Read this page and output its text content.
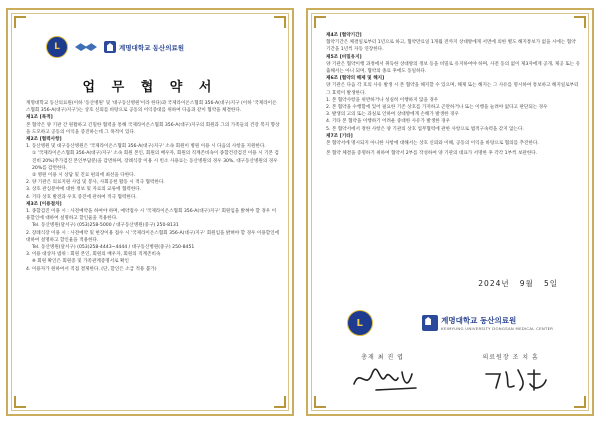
L	계명대학교 동산의료원
업 무 협 약 서

계명대학교 동산의료원(이하 '동산병원' 및 '대구동산병원'이라 한다)과 국제라이온스협회 356-A(대구)지구 (이하 '국제라이온스협회 356-A(대구)지구')는 상호 신뢰를 바탕으로 공동의 이익증대를 위하여 다음과 같이 협약을 체결한다.

제1조 [목적]

본 협약은 양 기관 간 원활하고 긴밀한 협력을 통해 국제라이온스협회 356-A(대구)지구의 회원과 그의 가족들의 건강 복지 향상을 도모하고 공동의 이익을 증진하는데 그 목적이 있다.

제2조 [협력사항]

1. 동산병원 및 대구동산병원은 '국제라이온스협회 356-A(대구)지구' 소속 회원이 병원 이용 시 다음의 사항을 지원한다.

① '국제라이온스협회 356-A(대구)지구' 소속 회원 본인, 회원의 배우자, 회원의 직계존비속이 종합건강검진 이용 시 기본 검진비 20%(추가검진 본인부담분)을 감면하며, 장례식장 이용 시 빈소 사용료는 동산병원의 경우 30%, 대구동산병원의 경우 20%를 감면한다.

② 병원 이용 시 상담 및 진료 편의에 최선을 다한다.

2. 양 기관은 의료지원 사업 및 봉사, 사회공헌 활동 시 적극 협력한다.

3. 상호 관심분야에 대한 정보 및 자료의 교류에 협력한다.

4. 기타 상호 발전과 우호 증진에 관하여 적극 협력한다.

제3조 [이용절차]

1. 종합검진 이용 시 : 사전예약을 하여야 하며, 예약접수 시 '국제라이온스협회 356-A(대구)지구' 회원임을 밝혀야 할 경우 이용할인에 대하여 설명하고 할인율을 적용한다.

Tel. 동산병원(달서구) (053)258-5000 / 대구동산병원(중구) 250-8131

2. 장례식장 이용 시 : 사전예약 및 현장이용 접수 시 '국제라이온스협회 356-A(대구)지구' 회원임을 밝혀야 할 경우 이용할인에 대하여 설명하고 할인율을 적용한다.

Tel. 동산병원(달서구) (053)258-4443~4444 / 대구동산병원(중구) 250-8451

3. 이용 대상자 범위 : 회원 본인, 회원의 배우자, 회원의 직계존비속

※ 회원 확인은 회원증 및 가족관계증명서로 확인

4. 이용자가 원하여서 직접 결제한다. (단, 할인은 소급 적용 불가)

제4조 [협약기간]

협약기간은 체결일로부터 1년으로 하고, 협약만료일 1개월 전까지 상대방에게 서면에 의한 별도 해지통보가 없을 시에는 협약기간을 1년씩 자동 연장한다.

제5조 [비밀유지]

양 기관은 협약이행 과정에서 취득한 상대방의 정보 등을 비밀로 유지하여야 하며, 사전 동의 없이 제3자에게 공개, 제공 또는 유출해서는 아니 되며, 협약의 종료 후에도 동일하다.

제6조 [협약의 해제 및 해지]

양 기관은 다음 각 호의 사유 발생 시 본 협약을 해지할 수 있으며, 해제 또는 해지는 그 사유를 명시하여 통보하고 해지일로부터 그 효력이 발생한다.

1. 본 협약사항을 위반하거나 성실히 이행하지 않을 경우

2. 본 협약을 수행함에 있어 필요한 기존 상호를 가져하고 곤란하거나 또는 이행을 늘려야 없다고 판단되는 경우

3. 발생의 고의 또는 과실로 인하여 상대방에게 손해가 발생한 경우

4. 기타 본 협약을 이행하기 어려운 중대한 사유가 발생한 경우

5. 본 협약서에서 정한 사항은 양 기관의 상호 업무협력에 관한 사항으로 법적구속력을 갖지 않는다.

제7조 [기타]

본 협약서에 명시되지 아니한 사항에 대해서는 상호 신뢰와 이해, 공동의 이익을 바탕으로 협의를 추진한다.

본 협약 체결을 증명하기 위하여 협약서 2부를 작성하여 양 기관의 대표가 서명한 후 각각 1부씩 보관한다.

2024년 9월 5일
L	계명대학교 동산의료원
KEIMYUNG UNIVERSITY DONGSAN MEDICAL CENTER
총재 최 진 엽	의료원장 조 치 흠
